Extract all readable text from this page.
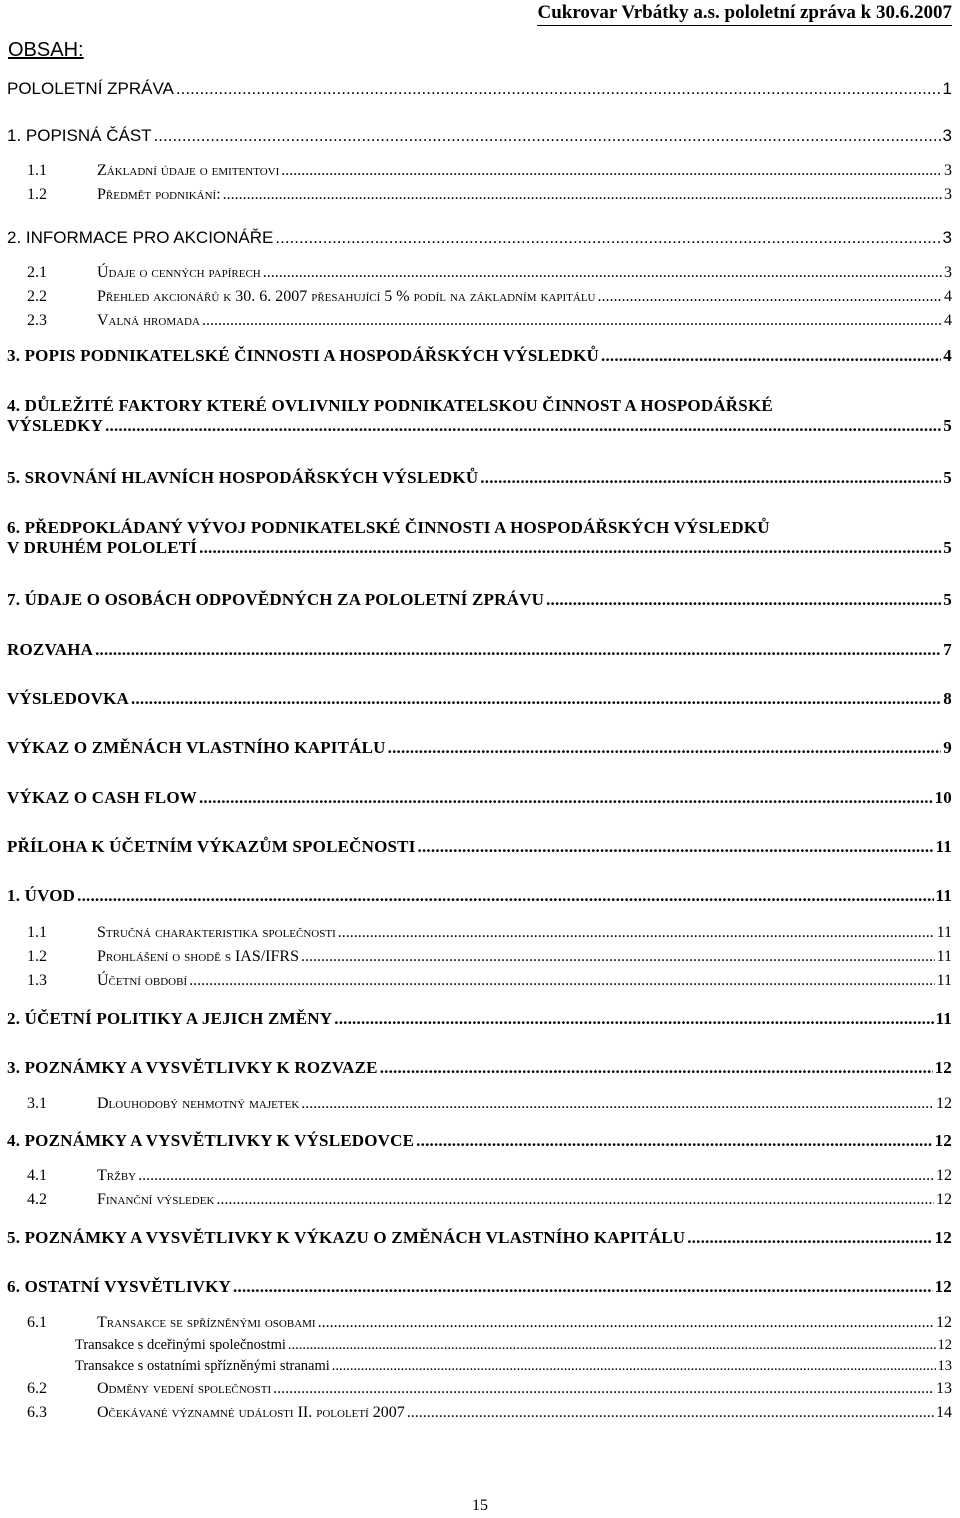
Cukrovar Vrbátky a.s. pololetní zpráva k 30.6.2007
OBSAH:
POLOLETNÍ ZPRÁVA .....	1
1. POPISNÁ ČÁST .....	3
1.1	Základní údaje o emitentovi .....	3
1.2	Předmět podnikání: .....	3
2. INFORMACE PRO AKCIONÁŘE .....	3
2.1	Údaje o cenných papírech .....	3
2.2	Přehled akcionářů k 30. 6. 2007 přesahující 5 % podíl na základním kapitálu .....	4
2.3	Valná hromada .....	4
3. POPIS PODNIKATELSKÉ ČINNOSTI A HOSPODÁŘSKÝCH VÝSLEDKŮ .....	4
4. DŮLEŽITÉ FAKTORY KTERÉ OVLIVNILY PODNIKATELSKOU ČINNOST A HOSPODÁŘSKÉ
VÝSLEDKY .....	5
5. SROVNÁNÍ HLAVNÍCH HOSPODÁŘSKÝCH VÝSLEDKŮ .....	5
6. PŘEDPOKLÁDANÝ VÝVOJ PODNIKATELSKÉ ČINNOSTI A HOSPODÁŘSKÝCH VÝSLEDKŮ
V DRUHÉM POLOLETÍ .....	5
7. ÚDAJE O OSOBÁCH ODPOVĚDNÝCH ZA POLOLETNÍ ZPRÁVU .....	5
ROZVAHA .....	7
VÝSLEDOVKA .....	8
VÝKAZ O ZMĚNÁCH VLASTNÍHO KAPITÁLU .....	9
VÝKAZ O CASH FLOW .....	10
PŘÍLOHA K ÚČETNÍM VÝKAZŮM SPOLEČNOSTI .....	11
1. ÚVOD .....	11
1.1	Stručná charakteristika společnosti .....	11
1.2	Prohlášení o shodě s IAS/IFRS .....	11
1.3	Účetní období .....	11
2. ÚČETNÍ POLITIKY A JEJICH ZMĚNY .....	11
3. POZNÁMKY A VYSVĚTLIVKY K ROZVAZE .....	12
3.1	Dlouhodobý nehmotný majetek .....	12
4. POZNÁMKY A VYSVĚTLIVKY K VÝSLEDOVCE .....	12
4.1	Tržby .....	12
4.2	Finanční výsledek .....	12
5. POZNÁMKY A VYSVĚTLIVKY K VÝKAZU O ZMĚNÁCH VLASTNÍHO KAPITÁLU .....	12
6. OSTATNÍ VYSVĚTLIVKY .....	12
6.1	Transakce se spřízněnými osobami .....	12
Transakce s dceřinými společnostmi .....	12
Transakce s ostatními spřízněnými stranami .....	13
6.2	Odměny vedení společnosti .....	13
6.3	Očekávané významné události II. pololetí 2007 .....	14
15
